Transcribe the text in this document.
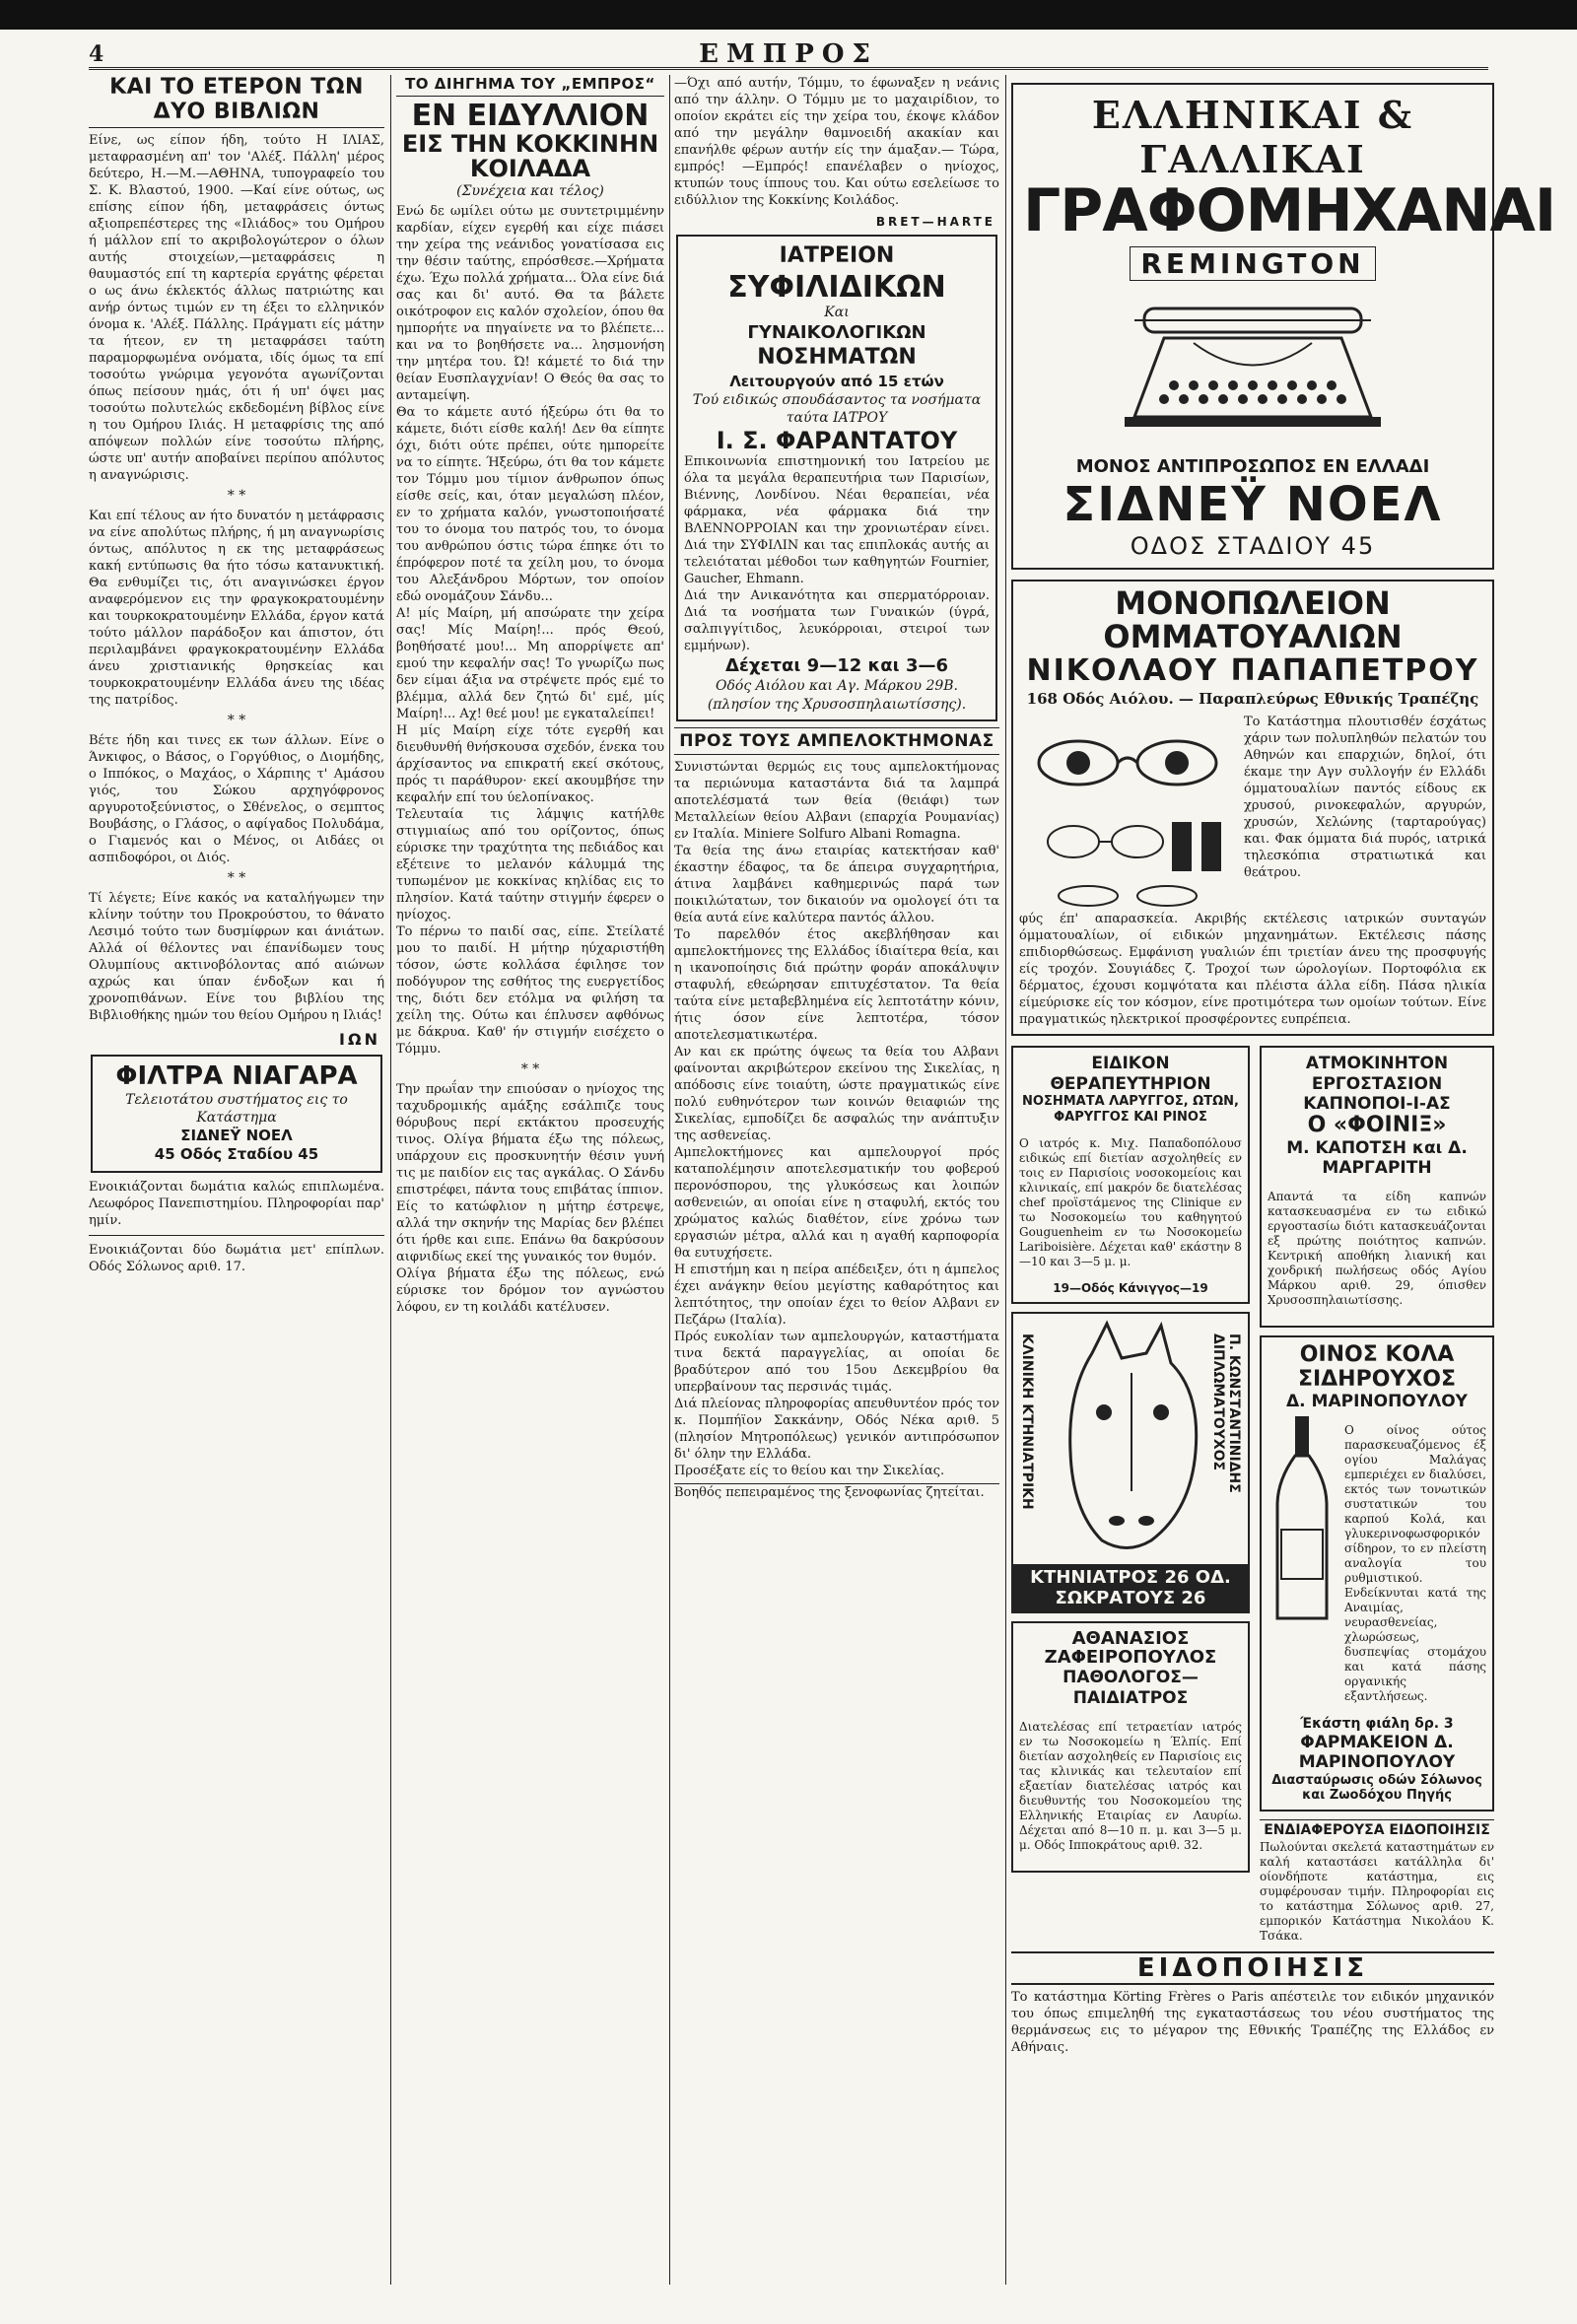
4	ΕΜΠΡΟΣ
ΚΑΙ ΤΟ ΕΤΕΡΟΝ ΤΩΝ ΔΥΟ ΒΙΒΛΙΩΝ

Είνε, ως είπον ήδη, τούτο Η ΙΛΙΑΣ, μεταφρασμένη απ' τον 'Αλέξ. Πάλλη' μέρος δεύτερο, Η.—Μ.—ΑΘΗΝΑ, τυπογραφείο του Σ. Κ. Βλαστού, 1900. —Καί είνε ούτως, ως επίσης είπον ήδη, μεταφράσεις όντως αξιοπρεπέστερες της «Ιλιάδος» του Ομήρου ή μάλλον επί το ακριβολογώτερον ο όλων αυτής στοιχείων,—μεταφράσεις η θαυμαστός επί τη καρτερία εργάτης φέρεται ο ως άνω έκλεκτός άλλως πατριώτης και ανήρ όντως τιμών εν τη έξει το ελληνικόν όνομα κ. 'Αλέξ. Πάλλης. Πράγματι είς μάτην τα ήτεον, εν τη μεταφράσει ταύτη παραμορφωμένα ονόματα, ιδίς όμως τα επί τοσούτω γνώριμα γεγονότα αγωνίζονται όπως πείσουν ημάς, ότι ή υπ' όψει μας τοσούτω πολυτελώς εκδεδομένη βίβλος είνε η του Ομήρου Ιλιάς. Η μεταφρίσις της από απόψεων πολλών είνε τοσούτω πλήρης, ώστε υπ' αυτήν αποβαίνει περίπου απόλυτος η αναγνώρισις.

* *

Και επί τέλους αν ήτο δυνατόν η μετάφρασις να είνε απολύτως πλήρης, ή μη αναγνωρίσις όντως, απόλυτος η εκ της μεταφράσεως κακή εντύπωσις θα ήτο τόσω κατανυκτική. Θα ενθυμίζει τις, ότι αναγινώσκει έργον αναφερόμενον εις την φραγκοκρατουμένην και τουρκοκρατουμένην Ελλάδα, έργον κατά τούτο μάλλον παράδοξον και άπιστον, ότι περιλαμβάνει φραγκοκρατουμένην Ελλάδα άνευ χριστιανικής θρησκείας και τουρκοκρατουμένην Ελλάδα άνευ της ιδέας της πατρίδος.

* *

Βέτε ήδη και τινες εκ των άλλων. Είνε ο Άνκιφος, ο Βάσος, ο Γοργύθιος, ο Διομήδης, ο Ιππόκος, ο Μαχάος, ο Χάρπιης τ' Αμάσου γιός, του Σώκου αρχηγόφρονος αργυροτοξεύνιστος, ο Σθένελος, ο σεμπτος Βουβάσης, ο Γλάσος, ο αφίγαδος Πολυδάμα, ο Γιαμενός και ο Μένος, οι Αιδάες οι ασπιδοφόροι, οι Διός.

* *

Τί λέγετε; Είνε κακός να καταλήγωμεν την κλίνην τούτην του Προκρούστου, το θάνατο Λεσιμό τούτο των δυσμίφρων και άνιάτων. Αλλά οί θέλοντες ναι έπανίδωμεν τους Ολυμπίους ακτινοβόλοντας από αιώνων αχρώς και ύπαν ένδοξων και ή χρονοπιθάνων. Είνε του βιβλίου της Βιβλιοθήκης ημών του θείου Ομήρου η Ιλιάς!

ΙΩΝ
ΦΙΛΤΡΑ ΝΙΑΓΑΡΑ
Τελειοτάτου συστήματος εις το Κατάστημα
ΣΙΔΝΕΫ ΝΟΕΛ
45 Οδός Σταδίου 45

Ενοικιάζονται δωμάτια καλώς επιπλωμένα. Λεωφόρος Πανεπιστημίου. Πληροφορίαι παρ' ημίν.

Ενοικιάζονται δύο δωμάτια μετ' επίπλων. Οδός Σόλωνος αριθ. 17.

ΤΟ ΔΙΗΓΗΜΑ ΤΟΥ „ΕΜΠΡΟΣ“
ΕΝ ΕΙΔΥΛΛΙΟΝ
ΕΙΣ ΤΗΝ ΚΟΚΚΙΝΗΝ ΚΟΙΛΑΔΑ
(Συνέχεια και τέλος)

Ενώ δε ωμίλει ούτω με συντετριμμένην καρδίαν, είχεν εγερθή και είχε πιάσει την χείρα της νεάνιδος γονατίσασα εις την θέσιν ταύτης, επρόσθεσε.—Χρήματα έχω. Έχω πολλά χρήματα... Όλα είνε διά σας και δι' αυτό. Θα τα βάλετε οικότροφον εις καλόν σχολείον, όπου θα ημπορήτε να πηγαίνετε να το βλέπετε... και να το βοηθήσετε να... λησμονήση την μητέρα του. Ώ! κάμετέ το διά την θείαν Ευσπλαγχνίαν! Ο Θεός θα σας το ανταμείψη.

Θα το κάμετε αυτό ήξεύρω ότι θα το κάμετε, διότι είσθε καλή! Δεν θα είπητε όχι, διότι ούτε πρέπει, ούτε ημπορείτε να το είπητε. Ήξεύρω, ότι θα τον κάμετε τον Τόμμυ μου τίμιον άνθρωπον όπως είσθε σείς, και, όταν μεγαλώση πλέον, εν το χρήματα καλόν, γνωστοποιήσατέ του το όνομα του πατρός του, το όνομα του ανθρώπου όστις τώρα έπηκε ότι το έπρόφερον ποτέ τα χείλη μου, το όνομα του Αλεξάνδρου Μόρτων, τον οποίον εδώ ονομάζουν Σάνδυ...

Α! μίς Μαίρη, μή απσώρατε την χείρα σας! Μίς Μαίρη!... πρός Θεού, βοηθήσατέ μου!... Μη απορρίψετε απ' εμού την κεφαλήν σας! Το γνωρίζω πως δεν είμαι άξια να στρέψετε πρός εμέ το βλέμμα, αλλά δεν ζητώ δι' εμέ, μίς Μαίρη!... Αχ! θεέ μου! με εγκαταλείπει!

Η μίς Μαίρη είχε τότε εγερθή και διευθυνθή θνήσκουσα σχεδόν, ένεκα του άρχίσαντος να επικρατή εκεί σκότους, πρός τι παράθυρον· εκεί ακουμβήσε την κεφαλήν επί του ύελοπίνακος.

Τελευταία τις λάμψις κατήλθε στιγμιαίως από του ορίζοντος, όπως εύρισκε την τραχύτητα της πεδιάδος και εξέτεινε το μελανόν κάλυμμά της τυπωμένον με κοκκίνας κηλίδας εις το πλησίον. Κατά ταύτην στιγμήν έφερεν ο ηνίοχος.

Το πέρνω το παιδί σας, είπε. Στείλατέ μου το παιδί. Η μήτηρ ηύχαριστήθη τόσον, ώστε κολλάσα έφιλησε τον ποδόγυρον της εσθήτος της ευεργετίδος της, διότι δεν ετόλμα να φιλήση τα χείλη της. Ούτω και έπλυσεν αφθόνως με δάκρυα. Καθ' ήν στιγμήν εισέχετο ο Τόμμυ.

* *

Την πρωΐαν την επιούσαν ο ηνίοχος της ταχυδρομικής αμάξης εσάλπιζε τους θόρυβους περί εκτάκτου προσευχής τινος. Ολίγα βήματα έξω της πόλεως, υπάρχουν εις προσκυνητήν θέσιν γυνή τις με παιδίον εις τας αγκάλας. Ο Σάνδυ επιστρέφει, πάντα τους επιβάτας ίππιον.

Είς το κατώφλιον η μήτηρ έστρεψε, αλλά την σκηνήν της Μαρίας δεν βλέπει ότι ήρθε και ειπε. Επάνω θα δακρύσουν αιφνιδίως εκεί της γυναικός τον θυμόν.

Ολίγα βήματα έξω της πόλεως, ενώ εύρισκε τον δρόμον τον αγνώστου λόφου, εν τη κοιλάδι κατέλυσεν.

—Όχι από αυτήν, Τόμμυ, το έφωναξεν η νεάνις από την άλλην. Ο Τόμμυ με το μαχαιρίδιον, το οποίον εκράτει είς την χείρα του, έκοψε κλάδον από την μεγάλην θαμνοειδή ακακίαν και επανήλθε φέρων αυτήν είς την άμαξαν.— Τώρα, εμπρός! —Εμπρός! επανέλαβεν ο ηνίοχος, κτυπών τους ίππους του. Και ούτω εσελείωσε το ειδύλλιον της Κοκκίνης Κοιλάδος.

BRET—HARTE
ΙΑΤΡΕΙΟΝ
ΣΥΦΙΛΙΔΙΚΩΝ
Και
ΓΥΝΑΙΚΟΛΟΓΙΚΩΝ
ΝΟΣΗΜΑΤΩΝ
Λειτουργούν από 15 ετών
Τού ειδικώς σπουδάσαντος τα νοσήματα ταύτα ΙΑΤΡΟΥ
Ι. Σ. ΦΑΡΑΝΤΑΤΟΥ

Επικοινωνία επιστημονική του Ιατρείου με όλα τα μεγάλα θεραπευτήρια των Παρισίων, Βιέννης, Λονδίνου. Νέαι θεραπείαι, νέα φάρμακα, νέα φάρμακα διά την ΒΛΕΝΝΟΡΡΟΙΑΝ και την χρονιωτέραν είνει. Διά την ΣΥΦΙΛΙΝ και τας επιπλοκάς αυτής αι τελειόταται μέθοδοι των καθηγητών Fournier, Gaucher, Ehmann.

Διά την Ανικανότητα και σπερματόρροιαν. Διά τα νοσήματα των Γυναικών (ύγρά, σαλπιγγίτιδος, λευκόρροιαι, στειροί των εμμήνων).

Δέχεται 9—12 και 3—6
Οδός Αιόλου και Αγ. Μάρκου 29Β. (πλησίον της Χρυσοσπηλαιωτίσσης).
ΠΡΟΣ ΤΟΥΣ ΑΜΠΕΛΟΚΤΗΜΟΝΑΣ

Συνιστώνται θερμώς εις τους αμπελοκτήμονας τα περιώνυμα καταστάντα διά τα λαμπρά αποτελέσματά των θεία (θειάφι) των Μεταλλείων θείου Αλβανι (επαρχία Ρουμανίας) εν Ιταλία. Miniere Solfuro Albani Romagna.

Τα θεία της άνω εταιρίας κατεκτήσαν καθ' έκαστην έδαφος, τα δε άπειρα συγχαρητήρια, άτινα λαμβάνει καθημερινώς παρά των ποικιλώτατων, τον δικαιούν να ομολογεί ότι τα θεία αυτά είνε καλύτερα παντός άλλου.

Το παρελθόν έτος ακεβλήθησαν και αμπελοκτήμονες της Ελλάδος ίδιαίτερα θεία, και η ικανοποίησις διά πρώτην φοράν αποκάλυψιν σταφυλή, εθεώρησαν επιτυχέστατον. Τα θεία ταύτα είνε μεταβεβλημένα είς λεπτοτάτην κόνιν, ήτις όσον είνε λεπτοτέρα, τόσον αποτελεσματικωτέρα.

Αν και εκ πρώτης όψεως τα θεία του Αλβανι φαίνονται ακριβώτερον εκείνου της Σικελίας, η απόδοσις είνε τοιαύτη, ώστε πραγματικώς είνε πολύ ευθηνότερον των κοινών θειαφιών της Σικελίας, εμποδίζει δε ασφαλώς την ανάπτυξιν της ασθενείας.

Αμπελοκτήμονες και αμπελουργοί πρός καταπολέμησιν αποτελεσματικήν του φοβερού περονόσπορου, της γλυκόσεως και λοιπών ασθενειών, αι οποίαι είνε η σταφυλή, εκτός του χρώματος καλώς διαθέτον, είνε χρόνω των εργασιών μέτρα, αλλά και η αγαθή καρποφορία θα ευτυχήσετε.

Η επιστήμη και η πείρα απέδειξεν, ότι η άμπελος έχει ανάγκην θείου μεγίστης καθαρότητος και λεπτότητος, την οποίαν έχει το θείον Αλβανι εν Πεζάρω (Ιταλία).

Πρός ευκολίαν των αμπελουργών, καταστήματα τινα δεκτά παραγγελίας, αι οποίαι δε βραδύτερον από του 15ου Δεκεμβρίου θα υπερβαίνουν τας περσινάς τιμάς.

Διά πλείονας πληροφορίας απευθυντέον πρός τον κ. Πομπήϊον Σακκάνην, Οδός Νέκα αριθ. 5 (πλησίον Μητροπόλεως) γενικόν αντιπρόσωπον δι' όλην την Ελλάδα.

Προσέξατε είς το θείου και την Σικελίας.

Βοηθός πεπειραμένος της ξενοφωνίας ζητείται.

ΕΛΛΗΝΙΚΑΙ & ΓΑΛΛΙΚΑΙ
ΓΡΑΦΟΜΗΧΑΝΑΙ
REMINGTON
ΜΟΝΟΣ ΑΝΤΙΠΡΟΣΩΠΟΣ ΕΝ ΕΛΛΑΔΙ
ΣΙΔΝΕΫ ΝΟΕΛ
ΟΔΟΣ ΣΤΑΔΙΟΥ 45
ΜΟΝΟΠΩΛΕΙΟΝ ΟΜΜΑΤΟΥΑΛΙΩΝ
ΝΙΚΟΛΑΟΥ ΠΑΠΑΠΕΤΡΟΥ
168 Οδός Αιόλου. — Παραπλεύρως Εθνικής Τραπέζης

Το Κατάστημα πλουτισθέν έσχάτως χάριν των πολυπληθών πελατών του Αθηνών και επαρχιών, δηλοί, ότι έκαμε την Αγν συλλογήν έν Ελλάδι όμματουαλίων παντός είδους εκ χρυσού, ρινοκεφαλών, αργυρών, χρυσών, Χελώνης (ταρταρούγας) και. Φακ όμματα διά πυρός, ιατρικά τηλεσκόπια στρατιωτικά και θεάτρου.

φύς έπ' απαρασκεία. Ακριβής εκτέλεσις ιατρικών συνταγών όμματουαλίων, οί ειδικών μηχανημάτων. Εκτέλεσις πάσης επιδιορθώσεως. Εμφάνιση γυαλιών έπι τριετίαν άνευ της προσφυγής είς τροχόν. Σουγιάδες ζ. Τροχοί των ώρολογίων. Πορτοφόλια εκ δέρματος, έχουσι κομψότατα και πλέιστα άλλα είδη. Πάσα ηλικία είμεύρισκε είς τον κόσμον, είνε προτιμότερα των ομοίων τούτων. Είνε πραγματικώς ηλεκτρικοί προσφέροντες ευπρέπεια.

ΕΙΔΙΚΟΝ ΘΕΡΑΠΕΥΤΗΡΙΟΝ
ΝΟΣΗΜΑΤΑ ΛΑΡΥΓΓΟΣ, ΩΤΩΝ, ΦΑΡΥΓΓΟΣ ΚΑΙ ΡΙΝΟΣ

Ο ιατρός κ. Μιχ. Παπαδοπόλουσ ειδικώς επί διετίαν ασχοληθείς εν τοις εν Παρισίοις νοσοκομείοις και κλινικαίς, επί μακρόν δε διατελέσας chef προϊστάμενος της Clinique εν τω Νοσοκομείω του καθηγητού Gouguenheim εν τω Νοσοκομείω Lariboisière. Δέχεται καθ' εκάστην 8—10 και 3—5 μ. μ.

19—Οδός Κάνιγγος—19
ΚΛΙΝΙΚΗ ΚΤΗΝΙΑΤΡΙΚΗ	Π. ΚΩΝΣΤΑΝΤΙΝΙΔΗΣ ΔΙΠΛΩΜΑΤΟΥΧΟΣ
ΚΤΗΝΙΑΤΡΟΣ 26 ΟΔ. ΣΩΚΡΑΤΟΥΣ 26
ΑΘΑΝΑΣΙΟΣ ΖΑΦΕΙΡΟΠΟΥΛΟΣ
ΠΑΘΟΛΟΓΟΣ—ΠΑΙΔΙΑΤΡΟΣ

Διατελέσας επί τετραετίαν ιατρός εν τω Νοσοκομείω η Έλπίς. Επί διετίαν ασχοληθείς εν Παρισίοις εις τας κλινικάς και τελευταίον επί εξαετίαν διατελέσας ιατρός και διευθυντής του Νοσοκομείου της Ελληνικής Εταιρίας εν Λαυρίω. Δέχεται από 8—10 π. μ. και 3—5 μ. μ. Οδός Ιπποκράτους αριθ. 32.

ΑΤΜΟΚΙΝΗΤΟΝ ΕΡΓΟΣΤΑΣΙΟΝ ΚΑΠΝΟΠΟΙ-Ι-ΑΣ
Ο «ΦΟΙΝΙΞ»
Μ. ΚΑΠΟΤΣΗ και Δ. ΜΑΡΓΑΡΙΤΗ

Απαντά τα είδη καπνών κατασκευασμένα εν τω ειδικώ εργοστασίω διότι κατασκευάζονται εξ πρώτης ποιότητος καπνών. Κεντρική αποθήκη λιανική και χονδρική πωλήσεως οδός Αγίου Μάρκου αριθ. 29, όπισθεν Χρυσοσπηλαιωτίσσης.

ΟΙΝΟΣ ΚΟΛΑ ΣΙΔΗΡΟΥΧΟΣ
Δ. ΜΑΡΙΝΟΠΟΥΛΟΥ

Ο οίνος ούτος παρασκευαζόμενος έξ ογίου Μαλάγας εμπεριέχει εν διαλύσει, εκτός των τονωτικών συστατικών του καρπού Κολά, και γλυκερινοφωσφορικόν σίδηρον, το εν πλείστη αναλογία του ρυθμιστικού. Ενδείκνυται κατά της Αναιμίας, νευρασθενείας, χλωρώσεως, δυσπεψίας στομάχου και κατά πάσης οργανικής εξαντλήσεως.

Έκάστη φιάλη δρ. 3
ΦΑΡΜΑΚΕΙΟΝ Δ. ΜΑΡΙΝΟΠΟΥΛΟΥ
Διασταύρωσις οδών Σόλωνος και Ζωοδόχου Πηγής
ΕΝΔΙΑΦΕΡΟΥΣΑ ΕΙΔΟΠΟΙΗΣΙΣ

Πωλούνται σκελετά καταστημάτων εν καλή καταστάσει κατάλληλα δι' οίονδήποτε κατάστημα, εις συμφέρουσαν τιμήν. Πληροφορίαι εις το κατάστημα Σόλωνος αριθ. 27, εμπορικόν Κατάστημα Νικολάου Κ. Τσάκα.

ΕΙΔΟΠΟΙΗΣΙΣ

Το κατάστημα Körting Frères ο Paris απέστειλε τον ειδικόν μηχανικόν του όπως επιμεληθή της εγκαταστάσεως του νέου συστήματος της θερμάνσεως εις το μέγαρον της Εθνικής Τραπέζης της Ελλάδος εν Αθήναις.
